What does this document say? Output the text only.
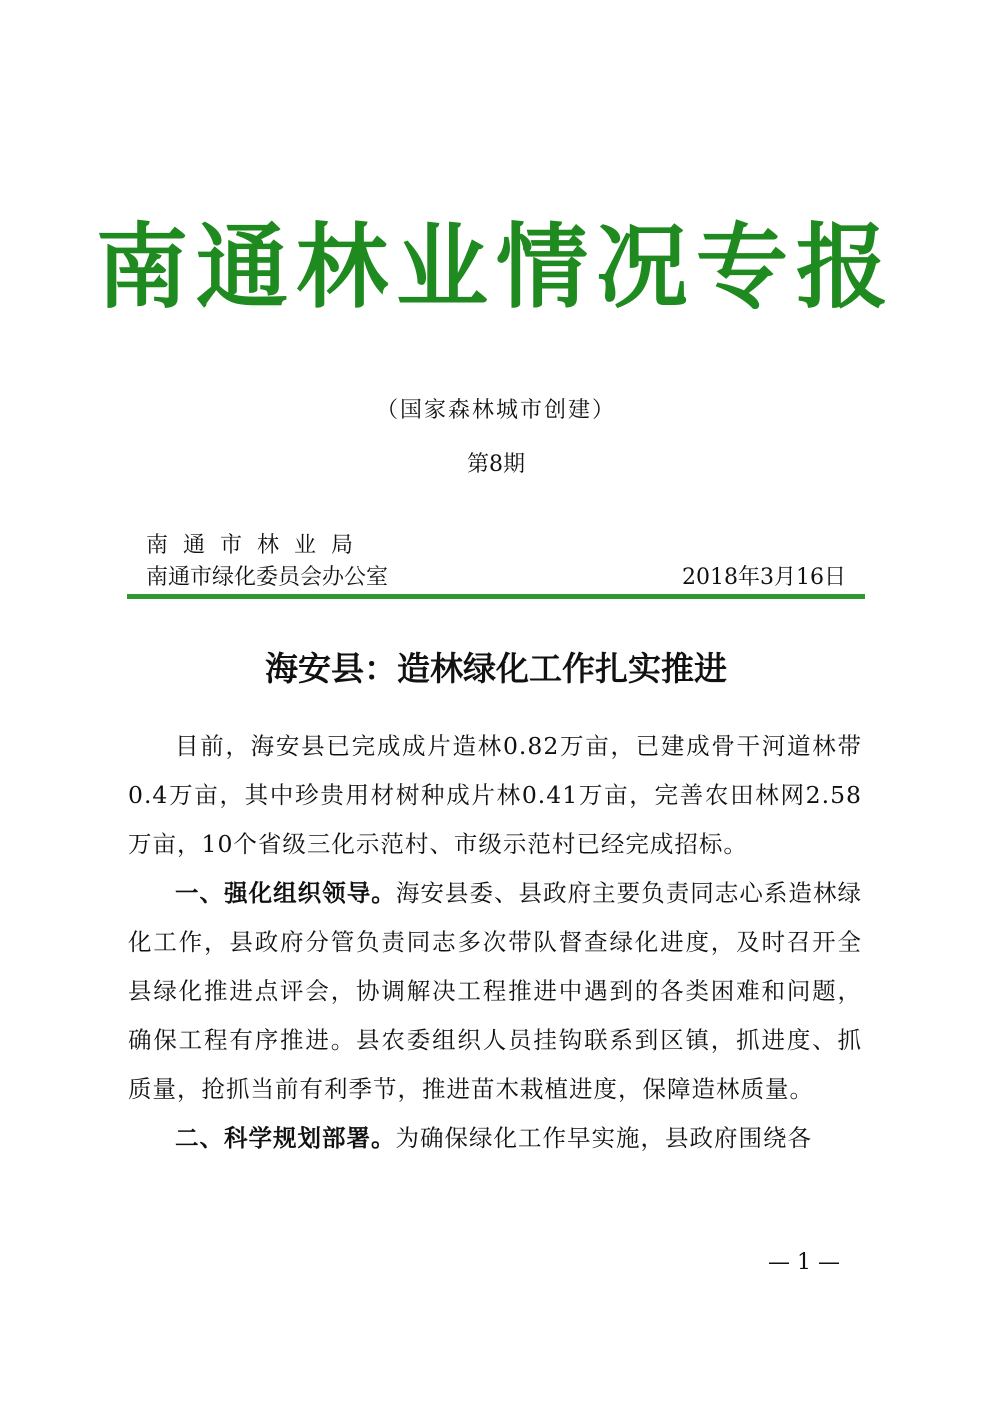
南通林业情况专报
（国家森林城市创建）
第8期
南通市林业局
南通市绿化委员会办公室	2018年3月16日
海安县：造林绿化工作扎实推进

目前，海安县已完成成片造林0.82万亩，已建成骨干河道林带0.4万亩，其中珍贵用材树种成片林0.41万亩，完善农田林网2.58万亩，10个省级三化示范村、市级示范村已经完成招标。

一、强化组织领导。海安县委、县政府主要负责同志心系造林绿化工作，县政府分管负责同志多次带队督查绿化进度，及时召开全县绿化推进点评会，协调解决工程推进中遇到的各类困难和问题，确保工程有序推进。县农委组织人员挂钩联系到区镇，抓进度、抓质量，抢抓当前有利季节，推进苗木栽植进度，保障造林质量。

二、科学规划部署。为确保绿化工作早实施，县政府围绕各

— 1 —
